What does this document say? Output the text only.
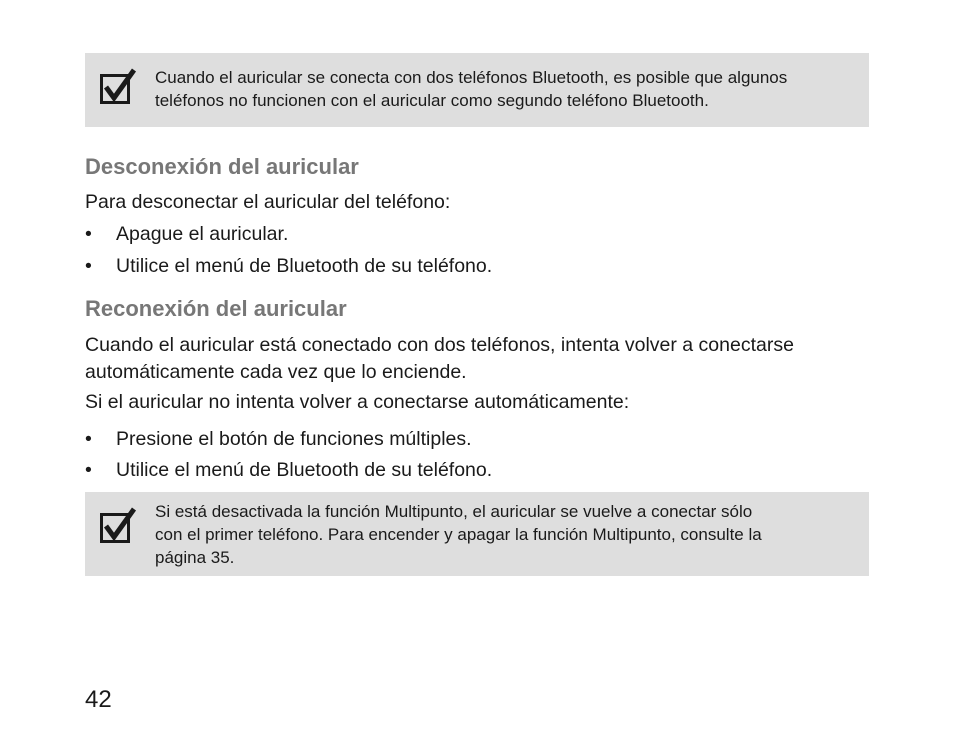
Cuando el auricular se conecta con dos teléfonos Bluetooth, es posible que algunos
teléfonos no funcionen con el auricular como segundo teléfono Bluetooth.
Desconexión del auricular

Para desconectar el auricular del teléfono:

• Apague el auricular.
• Utilice el menú de Bluetooth de su teléfono.
Reconexión del auricular
Cuando el auricular está conectado con dos teléfonos, intenta volver a conectarse
automáticamente cada vez que lo enciende.

Si el auricular no intenta volver a conectarse automáticamente:

• Presione el botón de funciones múltiples.
• Utilice el menú de Bluetooth de su teléfono.
Si está desactivada la función Multipunto, el auricular se vuelve a conectar sólo
con el primer teléfono. Para encender y apagar la función Multipunto, consulte la
página 35.
42
